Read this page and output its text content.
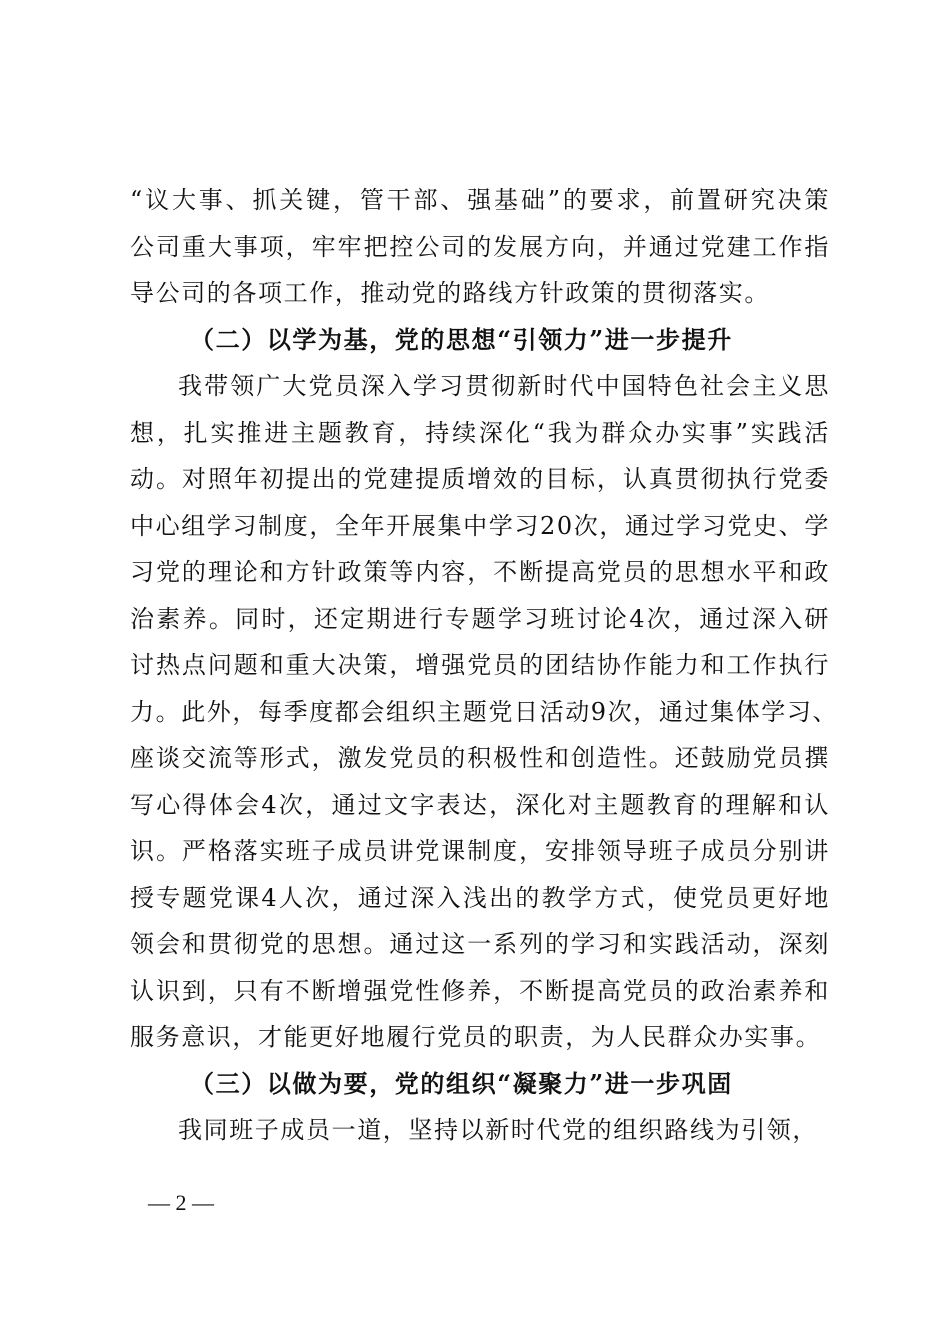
“议大事、抓关键，管干部、强基础”的要求，前置研究决策
公司重大事项，牢牢把控公司的发展方向，并通过党建工作指
导公司的各项工作，推动党的路线方针政策的贯彻落实。
（二）以学为基，党的思想“引领力”进一步提升
我带领广大党员深入学习贯彻新时代中国特色社会主义思
想，扎实推进主题教育，持续深化“我为群众办实事”实践活
动。对照年初提出的党建提质增效的目标，认真贯彻执行党委
中心组学习制度，全年开展集中学习20次，通过学习党史、学
习党的理论和方针政策等内容，不断提高党员的思想水平和政
治素养。同时，还定期进行专题学习班讨论4次，通过深入研
讨热点问题和重大决策，增强党员的团结协作能力和工作执行
力。此外，每季度都会组织主题党日活动9次，通过集体学习、
座谈交流等形式，激发党员的积极性和创造性。还鼓励党员撰
写心得体会4次，通过文字表达，深化对主题教育的理解和认
识。严格落实班子成员讲党课制度，安排领导班子成员分别讲
授专题党课4人次，通过深入浅出的教学方式，使党员更好地
领会和贯彻党的思想。通过这一系列的学习和实践活动，深刻
认识到，只有不断增强党性修养，不断提高党员的政治素养和
服务意识，才能更好地履行党员的职责，为人民群众办实事。
（三）以做为要，党的组织“凝聚力”进一步巩固
我同班子成员一道，坚持以新时代党的组织路线为引领，
— 2 —
